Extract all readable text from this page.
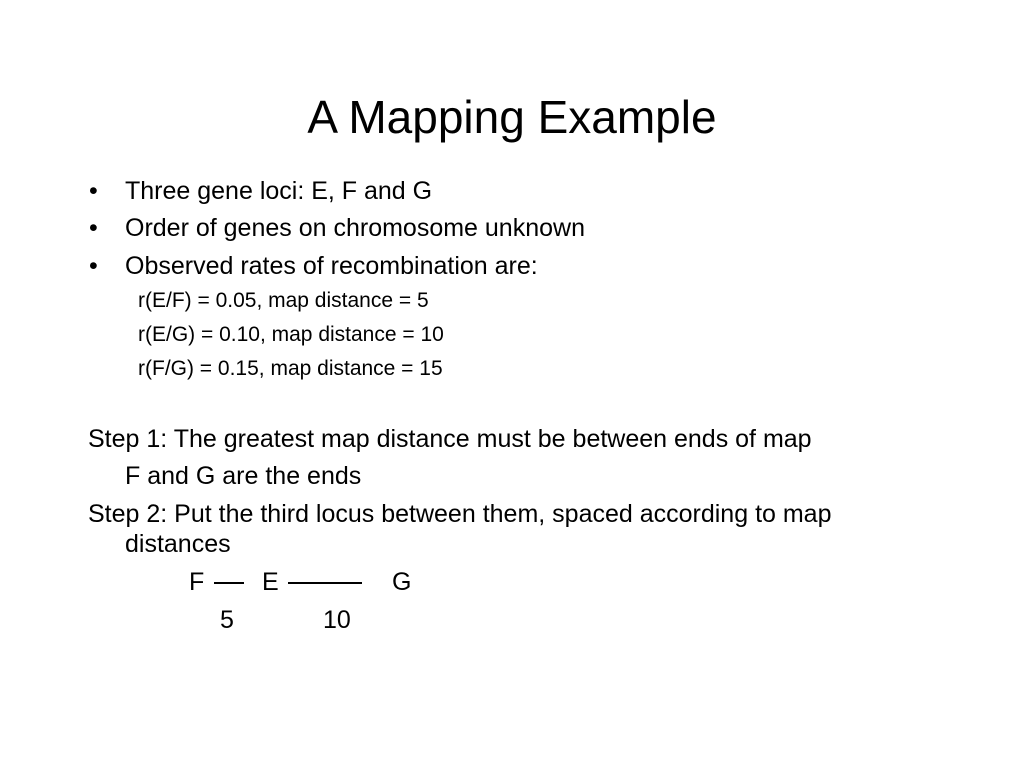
A Mapping Example
• Three gene loci: E, F and G
• Order of genes on chromosome unknown
• Observed rates of recombination are:
r(E/F) = 0.05, map distance = 5
r(E/G) = 0.10, map distance = 10
r(F/G) = 0.15, map distance = 15
Step 1: The greatest map distance must be between ends of map
F and G are the ends
Step 2: Put the third locus between them, spaced according to map
distances
F E	G
5	10
